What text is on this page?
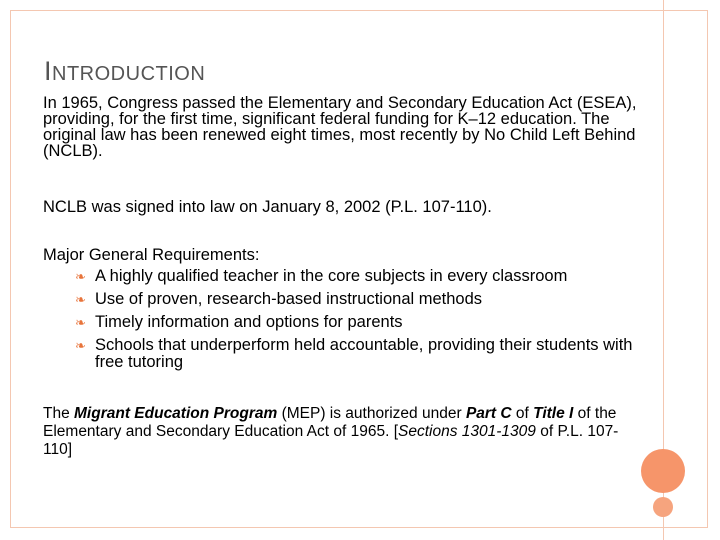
INTRODUCTION

In 1965, Congress passed the Elementary and Secondary Education Act (ESEA), providing, for the first time, significant federal funding for K–12 education. The original law has been renewed eight times, most recently by No Child Left Behind (NCLB).

NCLB was signed into law on January 8, 2002 (P.L. 107-110).

Major General Requirements:

❧ A highly qualified teacher in the core subjects in every classroom
❧ Use of proven, research-based instructional methods
❧ Timely information and options for parents
❧ Schools that underperform held accountable, providing their students with free tutoring

The Migrant Education Program (MEP) is authorized under Part C of Title I of the Elementary and Secondary Education Act of 1965. [Sections 1301-1309 of P.L. 107-110]
